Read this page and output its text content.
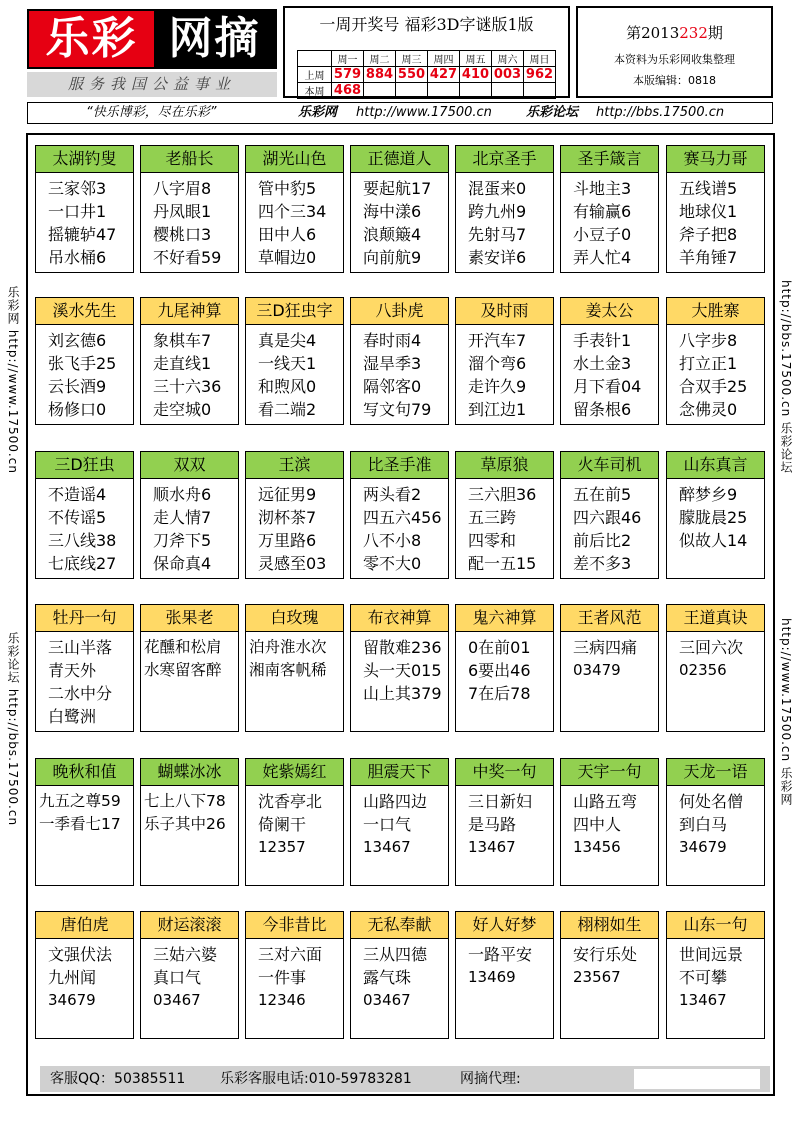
乐彩 网摘
服务我国公益事业
一周开奖号 福彩3D字谜版1版
	周一	周二	周三	周四	周五	周六	周日
上周	579	884	550	427	410	003	962
本周	468						
第2013232期
本资料为乐彩网收集整理
本版编辑：0818
“快乐博彩，尽在乐彩”	乐彩网 http://www.17500.cn	乐彩论坛 http://bbs.17500.cn
乐彩网 http://www.17500.cn
乐彩论坛 http://bbs.17500.cn
http://bbs.17500.cn 乐彩论坛
http://www.17500.cn 乐彩网
太湖钓叟
三家邻3
一口井1
摇辘轳47
吊水桶6
老船长
八字眉8
丹凤眼1
樱桃口3
不好看59
湖光山色
管中豹5
四个三34
田中人6
草帽边0
正德道人
要起航17
海中漾6
浪颠簸4
向前航9
北京圣手
混蛋来0
跨九州9
先射马7
素安详6
圣手箴言
斗地主3
有输赢6
小豆子0
弄人忙4
赛马力哥
五线谱5
地球仪1
斧子把8
羊角锤7
溪水先生
刘玄德6
张飞手25
云长酒9
杨修口0
九尾神算
象棋车7
走直线1
三十六36
走空城0
三D狂虫字
真是尖4
一线天1
和煦风0
看二端2
八卦虎
春时雨4
湿旱季3
隔邻客0
写文句79
及时雨
开汽车7
溜个弯6
走许久9
到江边1
姜太公
手表针1
水土金3
月下看04
留条根6
大胜寨
八字步8
打立正1
合双手25
念佛灵0
三D狂虫
不造谣4
不传谣5
三八线38
七底线27
双双
顺水舟6
走人情7
刀斧下5
保命真4
王滨
远征男9
沏杯茶7
万里路6
灵感至03
比圣手准
两头看2
四五六456
八不小8
零不大0
草原狼
三六胆36
五三跨
四零和
配一五15
火车司机
五在前5
四六跟46
前后比2
差不多3
山东真言
醉梦乡9
朦胧晨25
似故人14
牡丹一句
三山半落
青天外
二水中分
白鹭洲
张果老
花醺和松肩
水寒留客醉
白玫瑰
泊舟淮水次
湘南客帆稀
布衣神算
留散难236
头一天015
山上其379
鬼六神算
0在前01
6要出46
7在后78
王者风范
三病四痛
03479
王道真诀
三回六次
02356
晚秋和值
九五之尊59
一季看七17
蝴蝶冰冰
七上八下78
乐子其中26
姹紫嫣红
沈香亭北
倚阑干
12357
胆震天下
山路四边
一口气
13467
中奖一句
三日新妇
是马路
13467
天宇一句
山路五弯
四中人
13456
天龙一语
何处名僧
到白马
34679
唐伯虎
文强伏法
九州闻
34679
财运滚滚
三姑六婆
真口气
03467
今非昔比
三对六面
一件事
12346
无私奉献
三从四德
露气珠
03467
好人好梦
一路平安
13469
栩栩如生
安行乐处
23567
山东一句
世间远景
不可攀
13467
客服QQ：50385511 乐彩客服电话:010-59783281	网摘代理:
